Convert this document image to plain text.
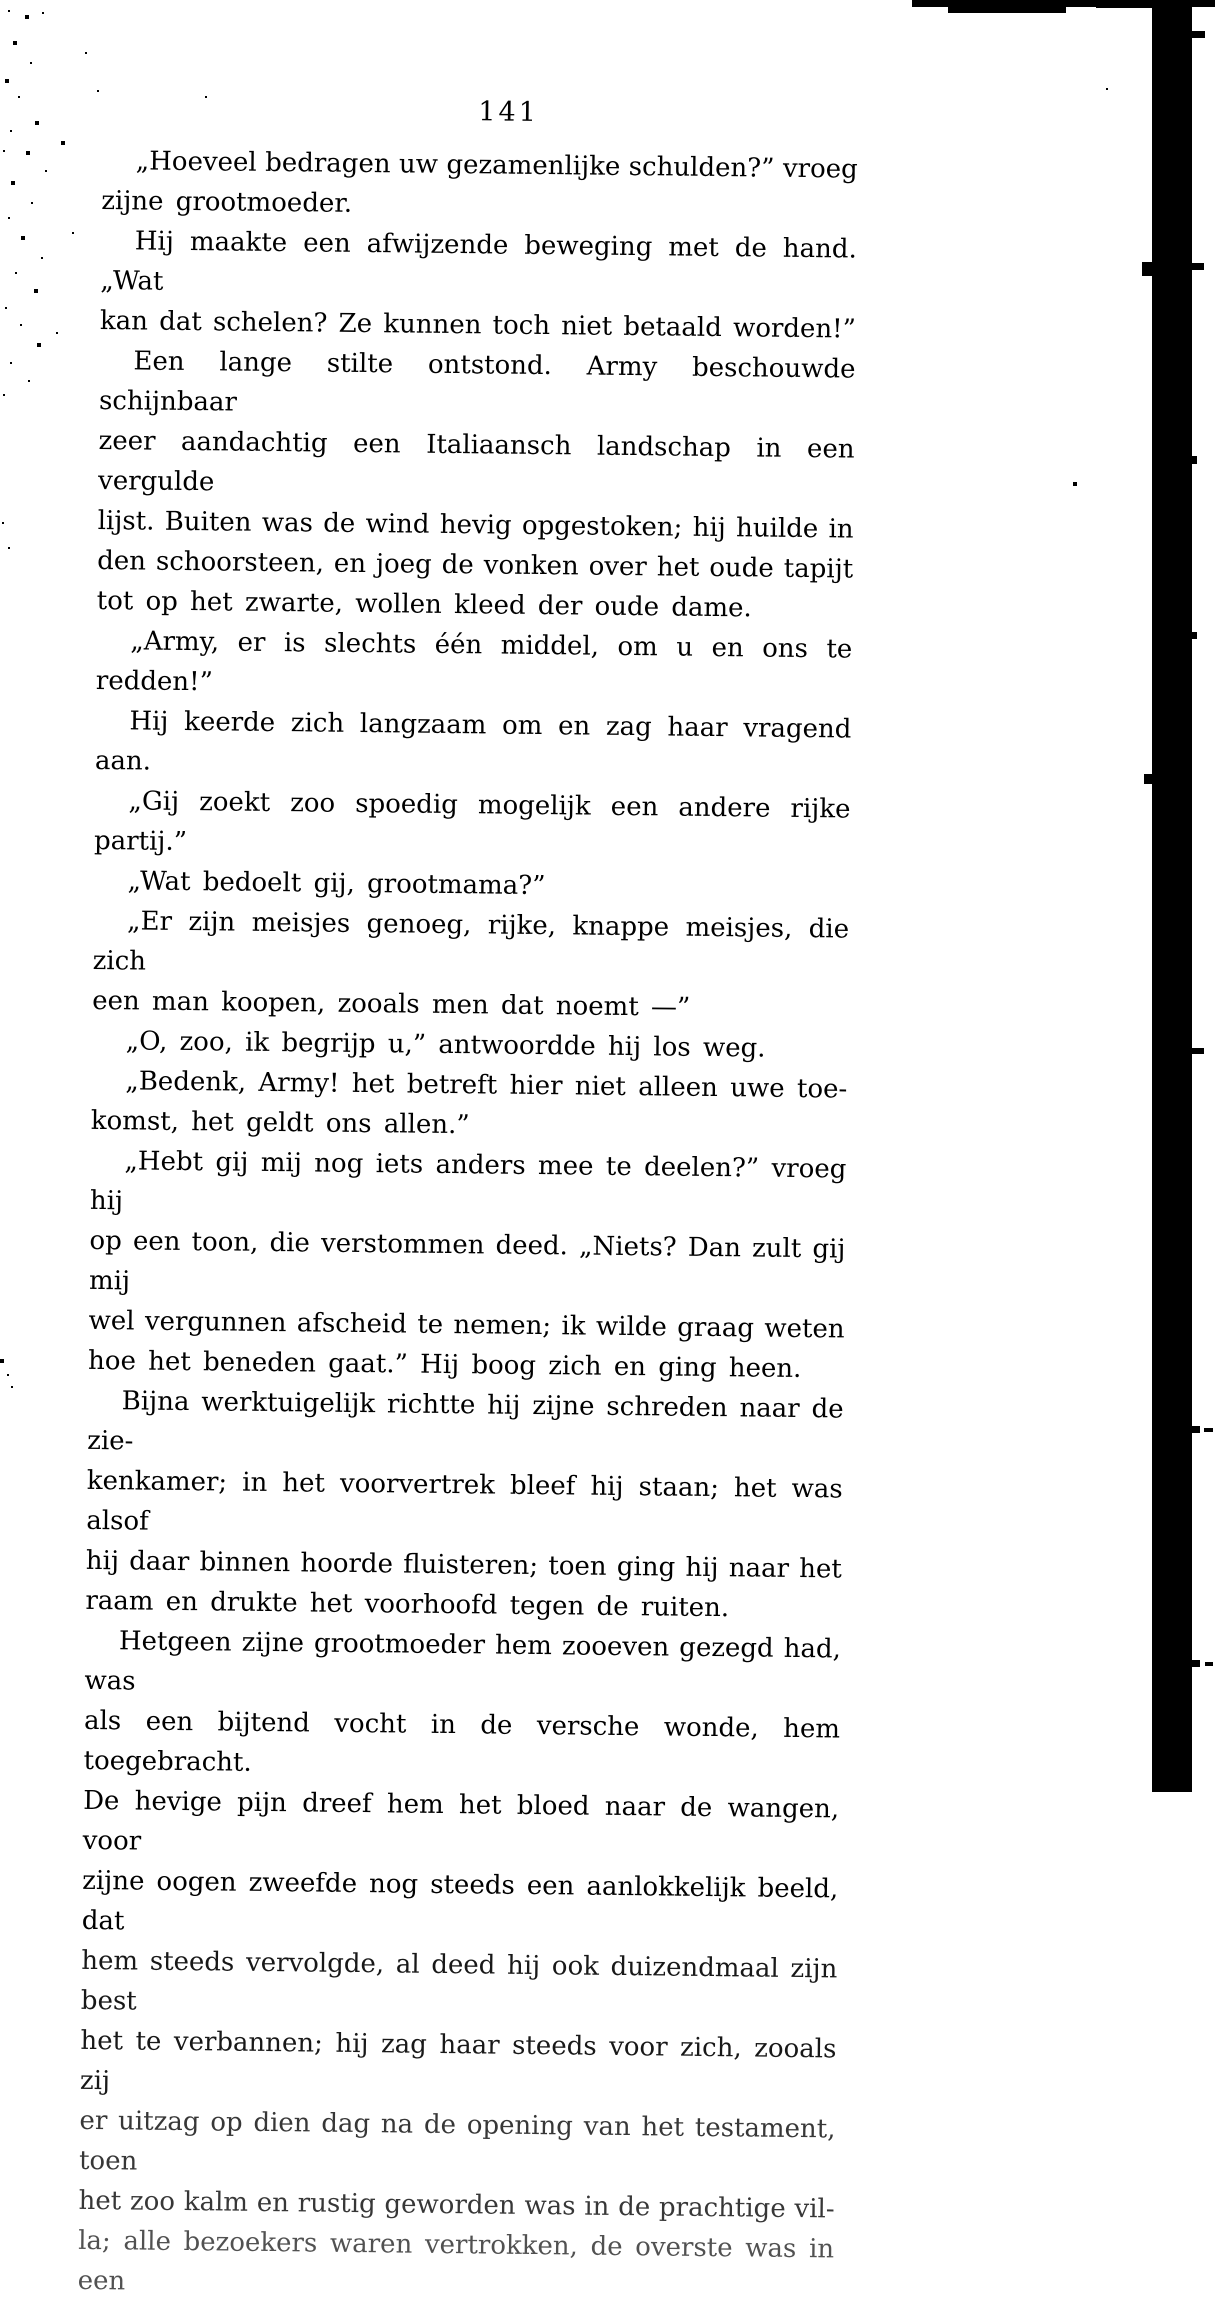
141
„Hoeveel bedragen uw gezamenlijke schulden?” vroeg
zijne grootmoeder.
Hij maakte een afwijzende beweging met de hand. „Wat
kan dat schelen? Ze kunnen toch niet betaald worden!”
Een lange stilte ontstond. Army beschouwde schijnbaar
zeer aandachtig een Italiaansch landschap in een vergulde
lijst. Buiten was de wind hevig opgestoken; hij huilde in
den schoorsteen, en joeg de vonken over het oude tapijt
tot op het zwarte, wollen kleed der oude dame.
„Army, er is slechts één middel, om u en ons te redden!”
Hij keerde zich langzaam om en zag haar vragend aan.
„Gij zoekt zoo spoedig mogelijk een andere rijke partij.”
„Wat bedoelt gij, grootmama?”
„Er zijn meisjes genoeg, rijke, knappe meisjes, die zich
een man koopen, zooals men dat noemt —”
„O, zoo, ik begrijp u,” antwoordde hij los weg.
„Bedenk, Army! het betreft hier niet alleen uwe toe-
komst, het geldt ons allen.”
„Hebt gij mij nog iets anders mee te deelen?” vroeg hij
op een toon, die verstommen deed. „Niets? Dan zult gij mij
wel vergunnen afscheid te nemen; ik wilde graag weten
hoe het beneden gaat.” Hij boog zich en ging heen.
Bijna werktuigelijk richtte hij zijne schreden naar de zie-
kenkamer; in het voorvertrek bleef hij staan; het was alsof
hij daar binnen hoorde fluisteren; toen ging hij naar het
raam en drukte het voorhoofd tegen de ruiten.
Hetgeen zijne grootmoeder hem zooeven gezegd had, was
als een bijtend vocht in de versche wonde, hem toegebracht.
De hevige pijn dreef hem het bloed naar de wangen, voor
zijne oogen zweefde nog steeds een aanlokkelijk beeld, dat
hem steeds vervolgde, al deed hij ook duizendmaal zijn best
het te verbannen; hij zag haar steeds voor zich, zooals zij
er uitzag op dien dag na de opening van het testament, toen
het zoo kalm en rustig geworden was in de prachtige vil-
la; alle bezoekers waren vertrokken, de overste was in een
